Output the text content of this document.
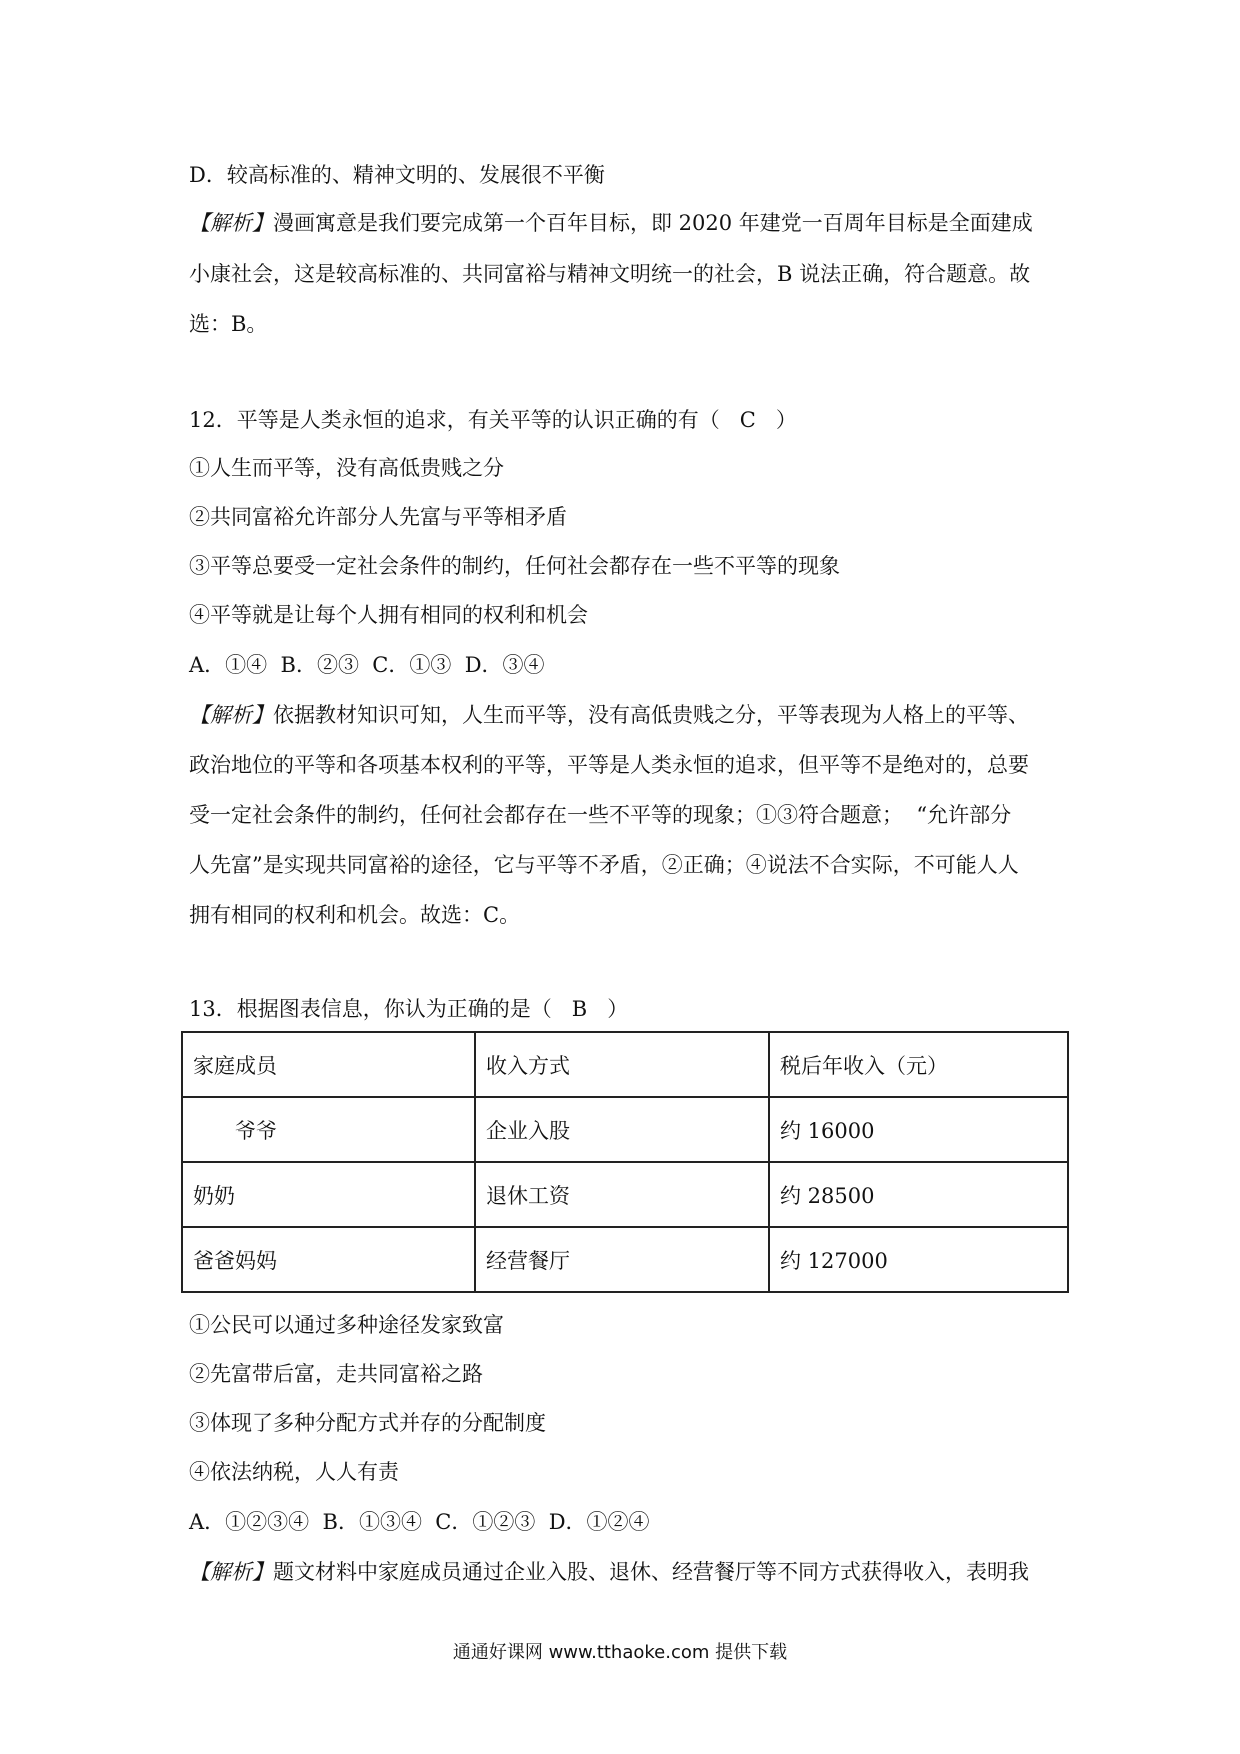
D．较高标准的、精神文明的、发展很不平衡
【解析】漫画寓意是我们要完成第一个百年目标，即 2020 年建党一百周年目标是全面建成
小康社会，这是较高标准的、共同富裕与精神文明统一的社会，B 说法正确，符合题意。故
选：B。
12．平等是人类永恒的追求，有关平等的认识正确的有（   C   ）
①人生而平等，没有高低贵贱之分
②共同富裕允许部分人先富与平等相矛盾
③平等总要受一定社会条件的制约，任何社会都存在一些不平等的现象
④平等就是让每个人拥有相同的权利和机会
A．①④  B．②③  C．①③  D．③④
【解析】依据教材知识可知，人生而平等，没有高低贵贱之分，平等表现为人格上的平等、
政治地位的平等和各项基本权利的平等，平等是人类永恒的追求，但平等不是绝对的，总要
受一定社会条件的制约，任何社会都存在一些不平等的现象；①③符合题意；  “允许部分
人先富”是实现共同富裕的途径，它与平等不矛盾，②正确；④说法不合实际，不可能人人
拥有相同的权利和机会。故选：C。
13．根据图表信息，你认为正确的是（   B   ）
家庭成员	收入方式	税后年收入（元）
爷爷	企业入股	约 16000
奶奶	退休工资	约 28500
爸爸妈妈	经营餐厅	约 127000
①公民可以通过多种途径发家致富
②先富带后富，走共同富裕之路
③体现了多种分配方式并存的分配制度
④依法纳税，人人有责
A．①②③④  B．①③④  C．①②③  D．①②④
【解析】题文材料中家庭成员通过企业入股、退休、经营餐厅等不同方式获得收入，表明我
通通好课网 www.tthaoke.com 提供下载
